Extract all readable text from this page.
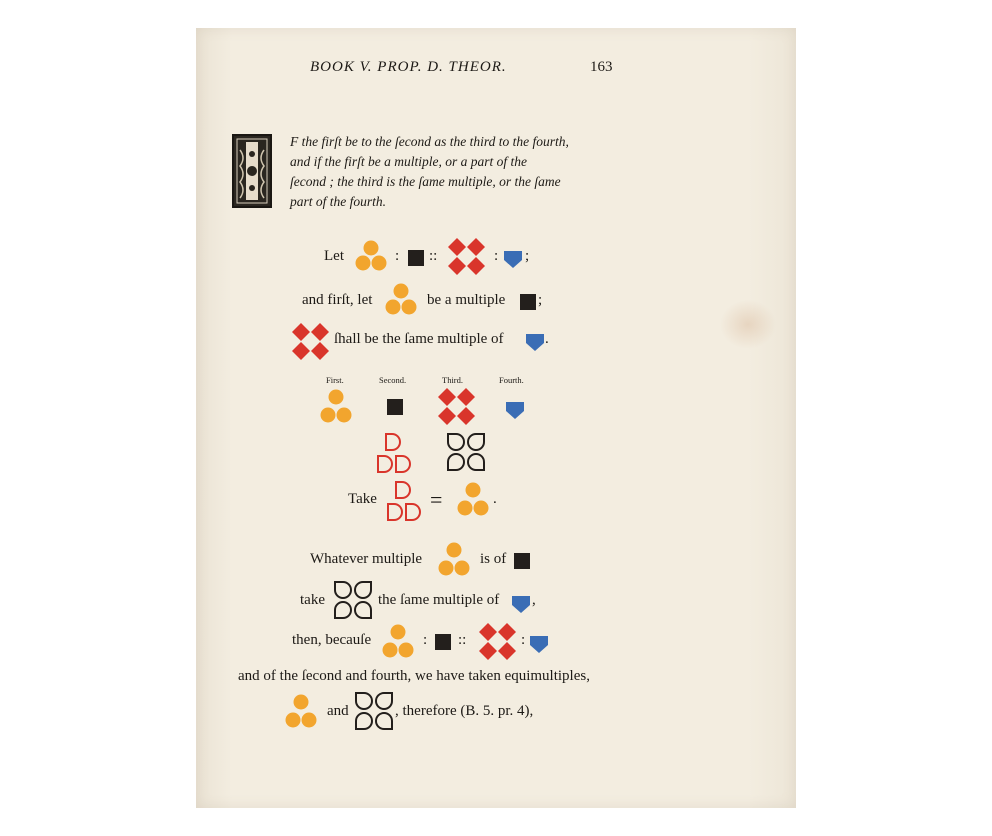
BOOK V. PROP. D. THEOR.	163
F the firſt be to the ſecond as the third to the fourth,
and if the firſt be a multiple, or a part of the
ſecond ; the third is the ſame multiple, or the ſame
part of the fourth.
Let	: ::	: ;
and firſt, let	be a multiple ;
ſhall be the ſame multiple of	.
First.	Second.	Third.	Fourth.
Take =	.
Whatever multiple	is of
take	the ſame multiple of ,
then, becauſe	: ::	:
and of the ſecond and fourth, we have taken equimultiples,
and	, therefore (B. 5. pr. 4),
